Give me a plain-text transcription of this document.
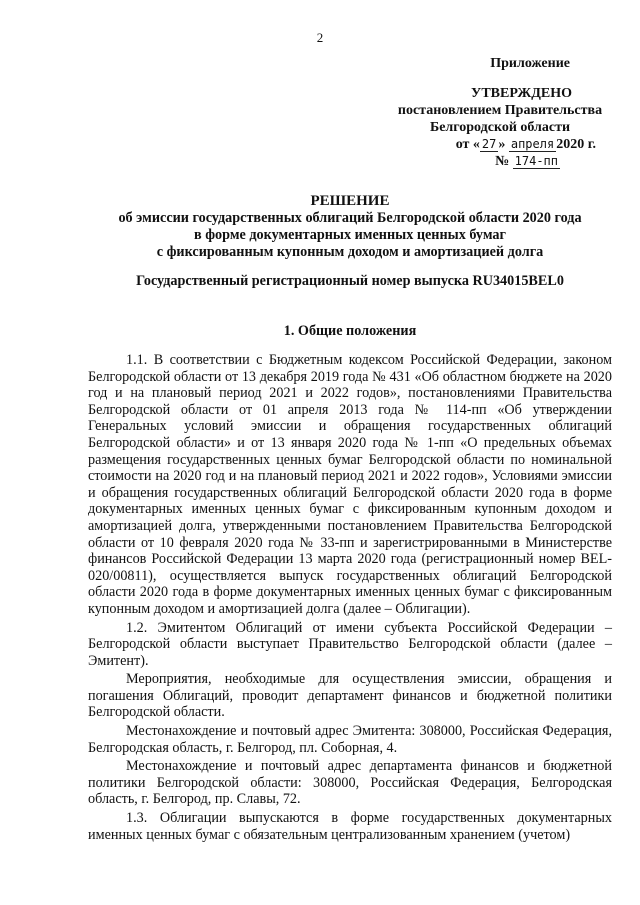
2
Приложение
УТВЕРЖДЕНО
постановлением Правительства
Белгородской области
от « 27 » апреля 2020 г.
№ 174-пп
РЕШЕНИЕ
об эмиссии государственных облигаций Белгородской области 2020 года
в форме документарных именных ценных бумаг
с фиксированным купонным доходом и амортизацией долга
Государственный регистрационный номер выпуска RU34015BEL0
1. Общие положения

1.1. В соответствии с Бюджетным кодексом Российской Федерации, законом Белгородской области от 13 декабря 2019 года № 431 «Об областном бюджете на 2020 год и на плановый период 2021 и 2022 годов», постановлениями Правительства Белгородской области от 01 апреля 2013 года № 114-пп «Об утверждении Генеральных условий эмиссии и обращения государственных облигаций Белгородской области» и от 13 января 2020 года № 1-пп «О предельных объемах размещения государственных ценных бумаг Белгородской области по номинальной стоимости на 2020 год и на плановый период 2021 и 2022 годов», Условиями эмиссии и обращения государственных облигаций Белгородской области 2020 года в форме документарных именных ценных бумаг с фиксированным купонным доходом и амортизацией долга, утвержденными постановлением Правительства Белгородской области от 10 февраля 2020 года № 33-пп и зарегистрированными в Министерстве финансов Российской Федерации 13 марта 2020 года (регистрационный номер BEL-020/00811), осуществляется выпуск государственных облигаций Белгородской области 2020 года в форме документарных именных ценных бумаг с фиксированным купонным доходом и амортизацией долга (далее – Облигации).

1.2. Эмитентом Облигаций от имени субъекта Российской Федерации – Белгородской области выступает Правительство Белгородской области (далее – Эмитент).

Мероприятия, необходимые для осуществления эмиссии, обращения и погашения Облигаций, проводит департамент финансов и бюджетной политики Белгородской области.

Местонахождение и почтовый адрес Эмитента: 308000, Российская Федерация, Белгородская область, г. Белгород, пл. Соборная, 4.

Местонахождение и почтовый адрес департамента финансов и бюджетной политики Белгородской области: 308000, Российская Федерация, Белгородская область, г. Белгород, пр. Славы, 72.

1.3. Облигации выпускаются в форме государственных документарных именных ценных бумаг с обязательным централизованным хранением (учетом)
